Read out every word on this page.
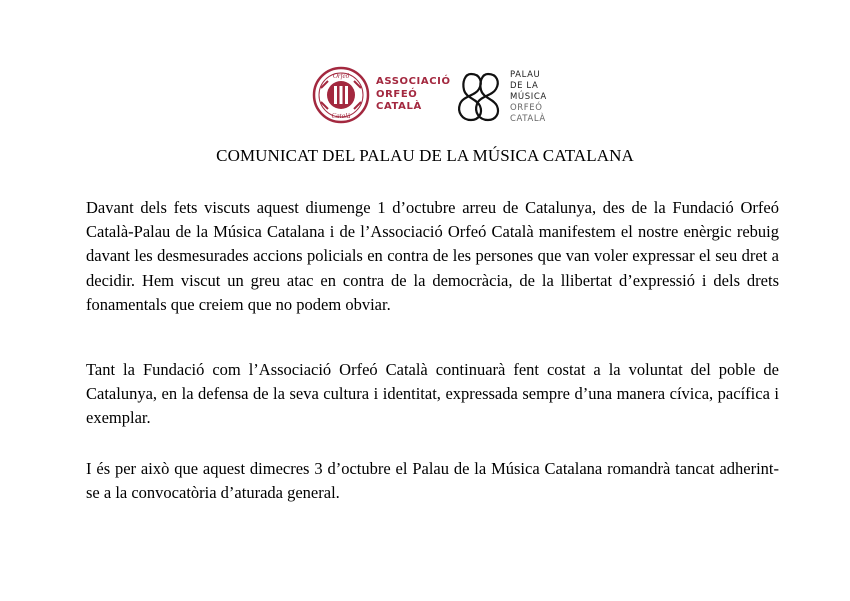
Orfeó
Català
ASSOCIACIÓ
ORFEÓ
CATALÀ
PALAU
DE LA
MÚSICA
ORFEÓ
CATALÀ
COMUNICAT DEL PALAU DE LA MÚSICA CATALANA
Davant dels fets viscuts aquest diumenge 1 d’octubre arreu de Catalunya, des de la Fundació Orfeó Català-Palau de la Música Catalana i de l’Associació Orfeó Català manifestem el nostre enèrgic rebuig davant les desmesurades accions policials en contra de les persones que van voler expressar el seu dret a decidir. Hem viscut un greu atac en contra de la democràcia, de la llibertat d’expressió i dels drets fonamentals que creiem que no podem obviar.
Tant la Fundació com l’Associació Orfeó Català continuarà fent costat a la voluntat del poble de Catalunya, en la defensa de la seva cultura i identitat, expressada sempre d’una manera cívica, pacífica i exemplar.
I és per això que aquest dimecres 3 d’octubre el Palau de la Música Catalana romandrà tancat adherint-se a la convocatòria d’aturada general.
